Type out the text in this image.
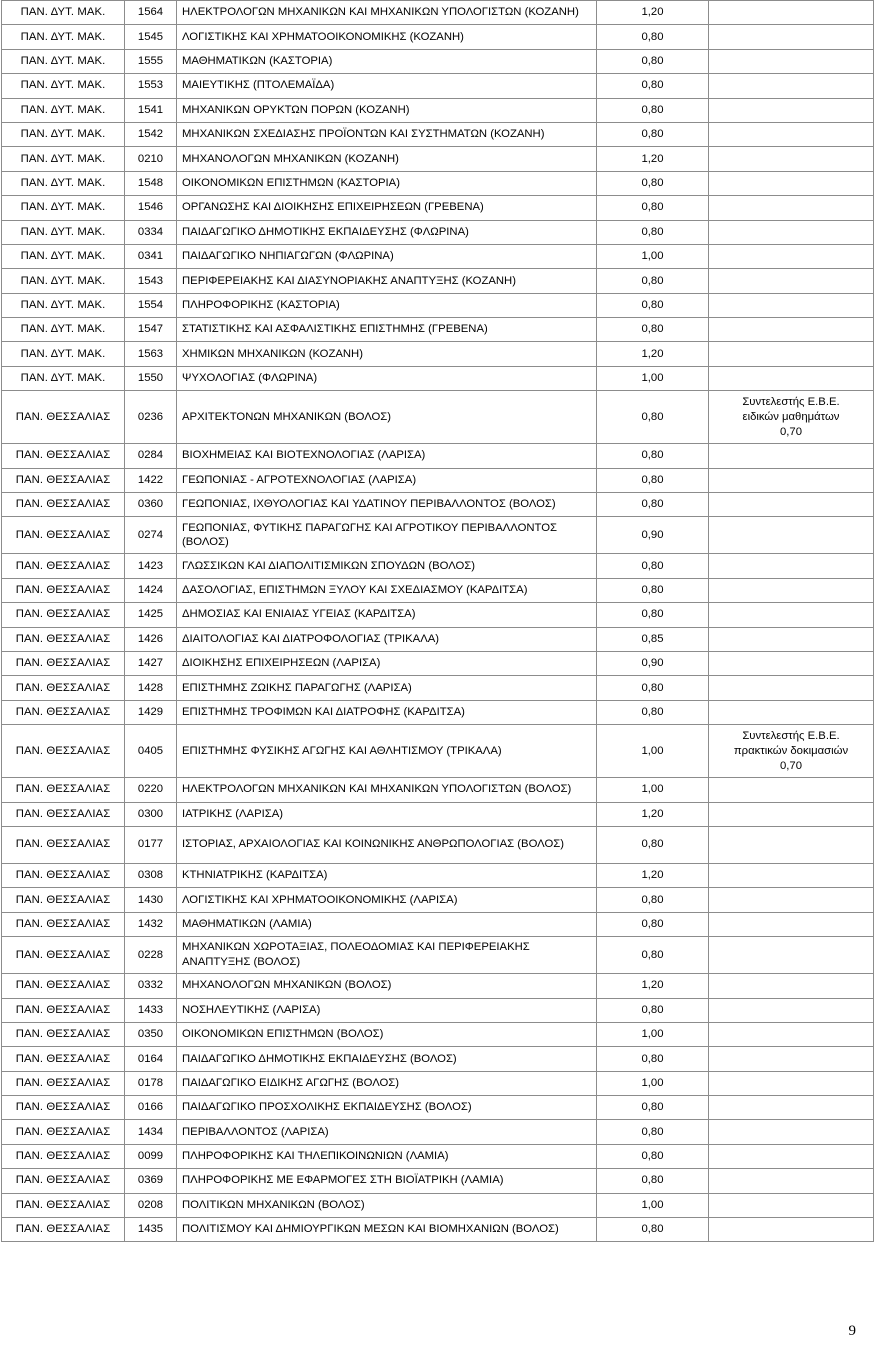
ΠΑΝ. ΔΥΤ. ΜΑΚ.	1564	ΗΛΕΚΤΡΟΛΟΓΩΝ ΜΗΧΑΝΙΚΩΝ ΚΑΙ ΜΗΧΑΝΙΚΩΝ ΥΠΟΛΟΓΙΣΤΩΝ (ΚΟΖΑΝΗ)	1,20	
ΠΑΝ. ΔΥΤ. ΜΑΚ.	1545	ΛΟΓΙΣΤΙΚΗΣ ΚΑΙ ΧΡΗΜΑΤΟΟΙΚΟΝΟΜΙΚΗΣ (ΚΟΖΑΝΗ)	0,80	
ΠΑΝ. ΔΥΤ. ΜΑΚ.	1555	ΜΑΘΗΜΑΤΙΚΩΝ (ΚΑΣΤΟΡΙΑ)	0,80	
ΠΑΝ. ΔΥΤ. ΜΑΚ.	1553	ΜΑΙΕΥΤΙΚΗΣ (ΠΤΟΛΕΜΑΪΔΑ)	0,80	
ΠΑΝ. ΔΥΤ. ΜΑΚ.	1541	ΜΗΧΑΝΙΚΩΝ ΟΡΥΚΤΩΝ ΠΟΡΩΝ (ΚΟΖΑΝΗ)	0,80	
ΠΑΝ. ΔΥΤ. ΜΑΚ.	1542	ΜΗΧΑΝΙΚΩΝ ΣΧΕΔΙΑΣΗΣ ΠΡΟΪΟΝΤΩΝ ΚΑΙ ΣΥΣΤΗΜΑΤΩΝ (ΚΟΖΑΝΗ)	0,80	
ΠΑΝ. ΔΥΤ. ΜΑΚ.	0210	ΜΗΧΑΝΟΛΟΓΩΝ ΜΗΧΑΝΙΚΩΝ (ΚΟΖΑΝΗ)	1,20	
ΠΑΝ. ΔΥΤ. ΜΑΚ.	1548	ΟΙΚΟΝΟΜΙΚΩΝ ΕΠΙΣΤΗΜΩΝ (ΚΑΣΤΟΡΙΑ)	0,80	
ΠΑΝ. ΔΥΤ. ΜΑΚ.	1546	ΟΡΓΑΝΩΣΗΣ ΚΑΙ ΔΙΟΙΚΗΣΗΣ ΕΠΙΧΕΙΡΗΣΕΩΝ (ΓΡΕΒΕΝΑ)	0,80	
ΠΑΝ. ΔΥΤ. ΜΑΚ.	0334	ΠΑΙΔΑΓΩΓΙΚΟ ΔΗΜΟΤΙΚΗΣ ΕΚΠΑΙΔΕΥΣΗΣ (ΦΛΩΡΙΝΑ)	0,80	
ΠΑΝ. ΔΥΤ. ΜΑΚ.	0341	ΠΑΙΔΑΓΩΓΙΚΟ ΝΗΠΙΑΓΩΓΩΝ (ΦΛΩΡΙΝΑ)	1,00	
ΠΑΝ. ΔΥΤ. ΜΑΚ.	1543	ΠΕΡΙΦΕΡΕΙΑΚΗΣ ΚΑΙ ΔΙΑΣΥΝΟΡΙΑΚΗΣ ΑΝΑΠΤΥΞΗΣ (ΚΟΖΑΝΗ)	0,80	
ΠΑΝ. ΔΥΤ. ΜΑΚ.	1554	ΠΛΗΡΟΦΟΡΙΚΗΣ (ΚΑΣΤΟΡΙΑ)	0,80	
ΠΑΝ. ΔΥΤ. ΜΑΚ.	1547	ΣΤΑΤΙΣΤΙΚΗΣ ΚΑΙ ΑΣΦΑΛΙΣΤΙΚΗΣ ΕΠΙΣΤΗΜΗΣ (ΓΡΕΒΕΝΑ)	0,80	
ΠΑΝ. ΔΥΤ. ΜΑΚ.	1563	ΧΗΜΙΚΩΝ ΜΗΧΑΝΙΚΩΝ (ΚΟΖΑΝΗ)	1,20	
ΠΑΝ. ΔΥΤ. ΜΑΚ.	1550	ΨΥΧΟΛΟΓΙΑΣ (ΦΛΩΡΙΝΑ)	1,00	
ΠΑΝ. ΘΕΣΣΑΛΙΑΣ	0236	ΑΡΧΙΤΕΚΤΟΝΩΝ ΜΗΧΑΝΙΚΩΝ (ΒΟΛΟΣ)	0,80	Συντελεστής Ε.Β.Ε.
ειδικών μαθημάτων
0,70

ΠΑΝ. ΘΕΣΣΑΛΙΑΣ	0284	ΒΙΟΧΗΜΕΙΑΣ ΚΑΙ ΒΙΟΤΕΧΝΟΛΟΓΙΑΣ (ΛΑΡΙΣΑ)	0,80	
ΠΑΝ. ΘΕΣΣΑΛΙΑΣ	1422	ΓΕΩΠΟΝΙΑΣ - ΑΓΡΟΤΕΧΝΟΛΟΓΙΑΣ (ΛΑΡΙΣΑ)	0,80	
ΠΑΝ. ΘΕΣΣΑΛΙΑΣ	0360	ΓΕΩΠΟΝΙΑΣ, ΙΧΘΥΟΛΟΓΙΑΣ ΚΑΙ ΥΔΑΤΙΝΟΥ ΠΕΡΙΒΑΛΛΟΝΤΟΣ (ΒΟΛΟΣ)	0,80	
ΠΑΝ. ΘΕΣΣΑΛΙΑΣ	0274	ΓΕΩΠΟΝΙΑΣ, ΦΥΤΙΚΗΣ ΠΑΡΑΓΩΓΗΣ ΚΑΙ ΑΓΡΟΤΙΚΟΥ ΠΕΡΙΒΑΛΛΟΝΤΟΣ (ΒΟΛΟΣ)	0,90	
ΠΑΝ. ΘΕΣΣΑΛΙΑΣ	1423	ΓΛΩΣΣΙΚΩΝ ΚΑΙ ΔΙΑΠΟΛΙΤΙΣΜΙΚΩΝ ΣΠΟΥΔΩΝ (ΒΟΛΟΣ)	0,80	
ΠΑΝ. ΘΕΣΣΑΛΙΑΣ	1424	ΔΑΣΟΛΟΓΙΑΣ, ΕΠΙΣΤΗΜΩΝ ΞΥΛΟΥ ΚΑΙ ΣΧΕΔΙΑΣΜΟΥ (ΚΑΡΔΙΤΣΑ)	0,80	
ΠΑΝ. ΘΕΣΣΑΛΙΑΣ	1425	ΔΗΜΟΣΙΑΣ ΚΑΙ ΕΝΙΑΙΑΣ ΥΓΕΙΑΣ (ΚΑΡΔΙΤΣΑ)	0,80	
ΠΑΝ. ΘΕΣΣΑΛΙΑΣ	1426	ΔΙΑΙΤΟΛΟΓΙΑΣ ΚΑΙ ΔΙΑΤΡΟΦΟΛΟΓΙΑΣ (ΤΡΙΚΑΛΑ)	0,85	
ΠΑΝ. ΘΕΣΣΑΛΙΑΣ	1427	ΔΙΟΙΚΗΣΗΣ ΕΠΙΧΕΙΡΗΣΕΩΝ (ΛΑΡΙΣΑ)	0,90	
ΠΑΝ. ΘΕΣΣΑΛΙΑΣ	1428	ΕΠΙΣΤΗΜΗΣ ΖΩΙΚΗΣ ΠΑΡΑΓΩΓΗΣ (ΛΑΡΙΣΑ)	0,80	
ΠΑΝ. ΘΕΣΣΑΛΙΑΣ	1429	ΕΠΙΣΤΗΜΗΣ ΤΡΟΦΙΜΩΝ ΚΑΙ ΔΙΑΤΡΟΦΗΣ (ΚΑΡΔΙΤΣΑ)	0,80	
ΠΑΝ. ΘΕΣΣΑΛΙΑΣ	0405	ΕΠΙΣΤΗΜΗΣ ΦΥΣΙΚΗΣ ΑΓΩΓΗΣ ΚΑΙ ΑΘΛΗΤΙΣΜΟΥ (ΤΡΙΚΑΛΑ)	1,00	Συντελεστής Ε.Β.Ε.
πρακτικών δοκιμασιών
0,70

ΠΑΝ. ΘΕΣΣΑΛΙΑΣ	0220	ΗΛΕΚΤΡΟΛΟΓΩΝ ΜΗΧΑΝΙΚΩΝ ΚΑΙ ΜΗΧΑΝΙΚΩΝ ΥΠΟΛΟΓΙΣΤΩΝ (ΒΟΛΟΣ)	1,00	
ΠΑΝ. ΘΕΣΣΑΛΙΑΣ	0300	ΙΑΤΡΙΚΗΣ (ΛΑΡΙΣΑ)	1,20	
ΠΑΝ. ΘΕΣΣΑΛΙΑΣ	0177	ΙΣΤΟΡΙΑΣ, ΑΡΧΑΙΟΛΟΓΙΑΣ ΚΑΙ ΚΟΙΝΩΝΙΚΗΣ ΑΝΘΡΩΠΟΛΟΓΙΑΣ (ΒΟΛΟΣ)	0,80	
ΠΑΝ. ΘΕΣΣΑΛΙΑΣ	0308	ΚΤΗΝΙΑΤΡΙΚΗΣ (ΚΑΡΔΙΤΣΑ)	1,20	
ΠΑΝ. ΘΕΣΣΑΛΙΑΣ	1430	ΛΟΓΙΣΤΙΚΗΣ ΚΑΙ ΧΡΗΜΑΤΟΟΙΚΟΝΟΜΙΚΗΣ (ΛΑΡΙΣΑ)	0,80	
ΠΑΝ. ΘΕΣΣΑΛΙΑΣ	1432	ΜΑΘΗΜΑΤΙΚΩΝ (ΛΑΜΙΑ)	0,80	
ΠΑΝ. ΘΕΣΣΑΛΙΑΣ	0228	ΜΗΧΑΝΙΚΩΝ ΧΩΡΟΤΑΞΙΑΣ, ΠΟΛΕΟΔΟΜΙΑΣ ΚΑΙ ΠΕΡΙΦΕΡΕΙΑΚΗΣ ΑΝΑΠΤΥΞΗΣ (ΒΟΛΟΣ)	0,80	
ΠΑΝ. ΘΕΣΣΑΛΙΑΣ	0332	ΜΗΧΑΝΟΛΟΓΩΝ ΜΗΧΑΝΙΚΩΝ (ΒΟΛΟΣ)	1,20	
ΠΑΝ. ΘΕΣΣΑΛΙΑΣ	1433	ΝΟΣΗΛΕΥΤΙΚΗΣ (ΛΑΡΙΣΑ)	0,80	
ΠΑΝ. ΘΕΣΣΑΛΙΑΣ	0350	ΟΙΚΟΝΟΜΙΚΩΝ ΕΠΙΣΤΗΜΩΝ (ΒΟΛΟΣ)	1,00	
ΠΑΝ. ΘΕΣΣΑΛΙΑΣ	0164	ΠΑΙΔΑΓΩΓΙΚΟ ΔΗΜΟΤΙΚΗΣ ΕΚΠΑΙΔΕΥΣΗΣ (ΒΟΛΟΣ)	0,80	
ΠΑΝ. ΘΕΣΣΑΛΙΑΣ	0178	ΠΑΙΔΑΓΩΓΙΚΟ ΕΙΔΙΚΗΣ ΑΓΩΓΗΣ (ΒΟΛΟΣ)	1,00	
ΠΑΝ. ΘΕΣΣΑΛΙΑΣ	0166	ΠΑΙΔΑΓΩΓΙΚΟ ΠΡΟΣΧΟΛΙΚΗΣ ΕΚΠΑΙΔΕΥΣΗΣ (ΒΟΛΟΣ)	0,80	
ΠΑΝ. ΘΕΣΣΑΛΙΑΣ	1434	ΠΕΡΙΒΑΛΛΟΝΤΟΣ (ΛΑΡΙΣΑ)	0,80	
ΠΑΝ. ΘΕΣΣΑΛΙΑΣ	0099	ΠΛΗΡΟΦΟΡΙΚΗΣ ΚΑΙ ΤΗΛΕΠΙΚΟΙΝΩΝΙΩΝ (ΛΑΜΙΑ)	0,80	
ΠΑΝ. ΘΕΣΣΑΛΙΑΣ	0369	ΠΛΗΡΟΦΟΡΙΚΗΣ ΜΕ ΕΦΑΡΜΟΓΕΣ ΣΤΗ ΒΙΟΪΑΤΡΙΚΗ (ΛΑΜΙΑ)	0,80	
ΠΑΝ. ΘΕΣΣΑΛΙΑΣ	0208	ΠΟΛΙΤΙΚΩΝ ΜΗΧΑΝΙΚΩΝ (ΒΟΛΟΣ)	1,00	
ΠΑΝ. ΘΕΣΣΑΛΙΑΣ	1435	ΠΟΛΙΤΙΣΜΟΥ ΚΑΙ ΔΗΜΙΟΥΡΓΙΚΩΝ ΜΕΣΩΝ ΚΑΙ ΒΙΟΜΗΧΑΝΙΩΝ (ΒΟΛΟΣ)	0,80	
9
